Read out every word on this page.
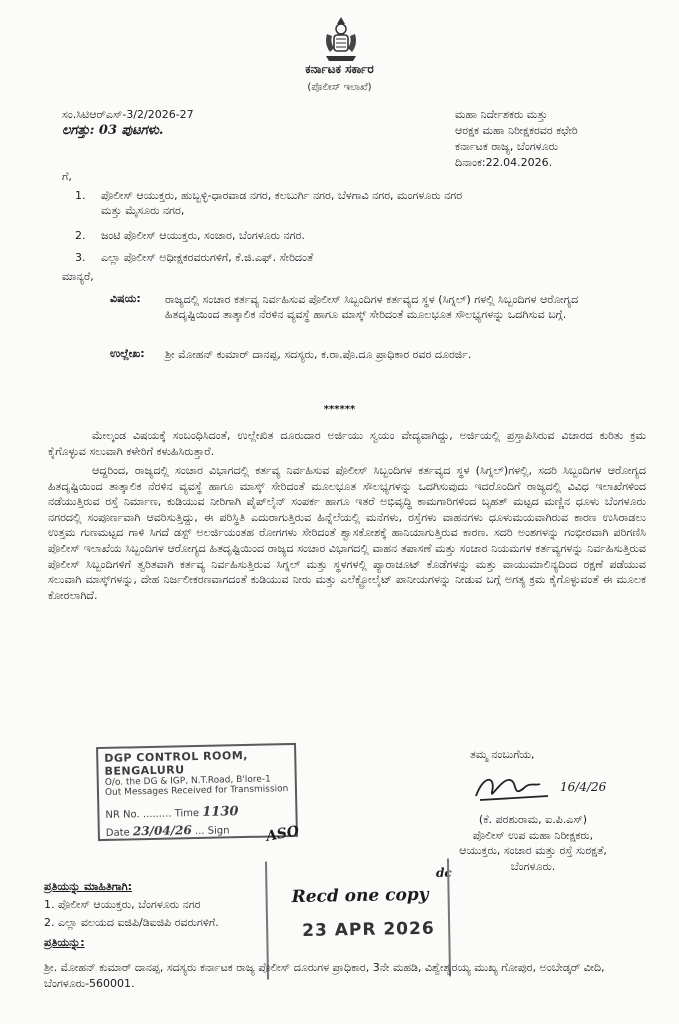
ಕರ್ನಾಟಕ ಸರ್ಕಾರ
(ಪೊಲೀಸ್ ಇಲಾಖೆ)
ಸಂ.ಸಿಟಿಆರ್‌ಎಸ್-3/2/2026-27
ಲಗತ್ತು: 03 ಪುಟಗಳು.
ಮಹಾ ನಿರ್ದೇಶಕರು ಮತ್ತು
ಆರಕ್ಷಕ ಮಹಾ ನಿರೀಕ್ಷಕರವರ ಕಛೇರಿ
ಕರ್ನಾಟಕ ರಾಜ್ಯ, ಬೆಂಗಳೂರು
ದಿನಾಂಕ:22.04.2026.
ಗೆ,
1. ಪೊಲೀಸ್ ಆಯುಕ್ತರು, ಹುಬ್ಬಳ್ಳಿ-ಧಾರವಾಡ ನಗರ, ಕಲಬುರ್ಗಿ ನಗರ, ಬೆಳಗಾವಿ ನಗರ, ಮಂಗಳೂರು ನಗರ
ಮತ್ತು ಮೈಸೂರು ನಗರ,
2. ಜಂಟಿ ಪೊಲೀಸ್ ಆಯುಕ್ತರು, ಸಂಚಾರ, ಬೆಂಗಳೂರು ನಗರ.
3. ಎಲ್ಲಾ ಪೊಲೀಸ್ ಅಧೀಕ್ಷಕರವರುಗಳಿಗೆ, ಕೆ.ಜಿ.ಎಫ್. ಸೇರಿದಂತೆ
ಮಾನ್ಯರೆ,
ವಿಷಯ:	ರಾಜ್ಯದಲ್ಲಿ ಸಂಚಾರ ಕರ್ತವ್ಯ ನಿರ್ವಹಿಸುವ ಪೊಲೀಸ್ ಸಿಬ್ಬಂದಿಗಳ ಕರ್ತವ್ಯದ ಸ್ಥಳ (ಸಿಗ್ನಲ್) ಗಳಲ್ಲಿ ಸಿಬ್ಬಂದಿಗಳ ಆರೋಗ್ಯದ ಹಿತದೃಷ್ಟಿಯಿಂದ ತಾತ್ಕಾಲಿಕ ನೆರಳಿನ ವ್ಯವಸ್ಥೆ ಹಾಗೂ ಮಾಸ್ಕ್ ಸೇರಿದಂತೆ ಮೂಲಭೂತ ಸೌಲಭ್ಯಗಳನ್ನು ಒದಗಿಸುವ ಬಗ್ಗೆ.
ಉಲ್ಲೇಖ:	ಶ್ರೀ ಮೋಹನ್ ಕುಮಾರ್ ದಾನಪ್ಪ, ಸದಸ್ಯರು, ಕ.ರಾ.ಪೊ.ದೂ ಪ್ರಾಧಿಕಾರ ರವರ ದೂರರ್ಜಿ.
******
ಮೇಲ್ಕಂಡ ವಿಷಯಕ್ಕೆ ಸಂಬಂಧಿಸಿದಂತೆ, ಉಲ್ಲೇಖಿತ ದೂರುದಾರ ಅರ್ಜಿಯು ಸ್ವಯಂ ವೇದ್ಯವಾಗಿದ್ದು, ಅರ್ಜಿಯಲ್ಲಿ ಪ್ರಸ್ತಾಪಿಸಿರುವ ವಿಚಾರದ ಕುರಿತು ಕ್ರಮ ಕೈಗೊಳ್ಳುವ ಸಲುವಾಗಿ ಕಳೇರಿಗೆ ಕಳುಹಿಸಿರುತ್ತಾರೆ.
ಆದ್ದರಿಂದ, ರಾಜ್ಯದಲ್ಲಿ ಸಂಚಾರ ವಿಭಾಗದಲ್ಲಿ ಕರ್ತವ್ಯ ನಿರ್ವಹಿಸುವ ಪೊಲೀಸ್ ಸಿಬ್ಬಂದಿಗಳ ಕರ್ತವ್ಯದ ಸ್ಥಳ (ಸಿಗ್ನಲ್)ಗಳಲ್ಲಿ, ಸದರಿ ಸಿಬ್ಬಂದಿಗಳ ಆರೋಗ್ಯದ ಹಿತದೃಷ್ಟಿಯಿಂದ ತಾತ್ಕಾಲಿಕ ನೆರಳಿನ ವ್ಯವಸ್ಥೆ ಹಾಗೂ ಮಾಸ್ಕ್ ಸೇರಿದಂತೆ ಮೂಲಭೂತ ಸೌಲಭ್ಯಗಳನ್ನು ಒದಗಿಸುವುದು ಇದರೊಂದಿಗೆ ರಾಜ್ಯದಲ್ಲಿ ವಿವಿಧ ಇಲಾಖೆಗಳಿಂದ ನಡೆಯುತ್ತಿರುವ ರಸ್ತೆ ನಿರ್ಮಾಣ, ಕುಡಿಯುವ ನೀರಿಗಾಗಿ ಪೈಪ್‌ಲೈನ್ ಸಂಪರ್ಕ ಹಾಗೂ ಇತರೆ ಅಭಿವೃದ್ಧಿ ಕಾಮಗಾರಿಗಳಿಂದ ಬೃಹತ್ ಮಟ್ಟದ ಮಣ್ಣಿನ ಧೂಳು ಬೆಂಗಳೂರು ನಗರದಲ್ಲಿ ಸಂಪೂರ್ಣವಾಗಿ ಆವರಿಸುತ್ತಿದ್ದು, ಈ ಪರಿಸ್ಥಿತಿ ಎದುರಾಗುತ್ತಿರುವ ಹಿನ್ನೆಲೆಯಲ್ಲಿ ಮನೆಗಳು, ರಸ್ತೆಗಳು ವಾಹನಗಳು ಧೂಳುಮಯವಾಗಿರುವ ಕಾರಣ ಉಸಿರಾಡಲು ಉತ್ತಮ ಗುಣಮಟ್ಟದ ಗಾಳಿ ಸಿಗದೆ ಡಸ್ಟ್ ಅಲರ್ಜಿಯಂತಹ ರೋಗಗಳು ಸೇರಿದಂತೆ ಶ್ವಾಸಕೋಶಕ್ಕೆ ಹಾನಿಯಾಗುತ್ತಿರುವ ಕಾರಣ. ಸದರಿ ಅಂಶಗಳನ್ನು ಗಂಭೀರವಾಗಿ ಪರಿಗಣಿಸಿ ಪೊಲೀಸ್ ಇಲಾಖೆಯ ಸಿಬ್ಬಂದಿಗಳ ಆರೋಗ್ಯದ ಹಿತದೃಷ್ಟಿಯಿಂದ ರಾಜ್ಯದ ಸಂಚಾರ ವಿಭಾಗದಲ್ಲಿ ವಾಹನ ತಪಾಸಣೆ ಮತ್ತು ಸಂಚಾರ ನಿಯಮಗಳ ಕರ್ತವ್ಯಗಳನ್ನು ನಿರ್ವಹಿಸುತ್ತಿರುವ ಪೊಲೀಸ್ ಸಿಬ್ಬಂದಿಗಳಿಗೆ ತ್ವರಿತವಾಗಿ ಕರ್ತವ್ಯ ನಿರ್ವಹಿಸುತ್ತಿರುವ ಸಿಗ್ನಲ್ ಮತ್ತು ಸ್ಥಳಗಳಲ್ಲಿ ಪ್ಯಾರಾಚೂಟ್ ಕೊಡೆಗಳನ್ನು ಮತ್ತು ವಾಯುಮಾಲಿನ್ಯದಿಂದ ರಕ್ಷಣೆ ಪಡೆಯುವ ಸಲುವಾಗಿ ಮಾಸ್ಕ್‌ಗಳನ್ನು, ದೇಹ ನಿರ್ಜಲೀಕರಣವಾಗದಂತೆ ಕುಡಿಯುವ ನೀರು ಮತ್ತು ಎಲೆಕ್ಟ್ರೋಲೈಟ್ ಪಾನೀಯಗಳನ್ನು ನೀಡುವ ಬಗ್ಗೆ ಅಗತ್ಯ ಕ್ರಮ ಕೈಗೊಳ್ಳುವಂತೆ ಈ ಮೂಲಕ ಕೋರಲಾಗಿದೆ.
ತಮ್ಮ ನಂಬುಗೆಯ,
16/4/26
(ಕೆ. ಪರಶುರಾಮ, ಐ.ಪಿ.ಎಸ್)
ಪೊಲೀಸ್ ಉಪ ಮಹಾ ನಿರೀಕ್ಷಕರು,
ಆಯುಕ್ತರು, ಸಂಚಾರ ಮತ್ತು ರಸ್ತೆ ಸುರಕ್ಷತೆ,
ಬೆಂಗಳೂರು.
DGP CONTROL ROOM, BENGALURU
O/o. the DG & IGP, N.T.Road, B'lore-1
Out Messages Received for Transmission
NR No. ......... Time 1130
Date 23/04/26 ... Sign	ASO
dc
Recd one copy
23 APR 2026
ಪ್ರತಿಯನ್ನು ಮಾಹಿತಿಗಾಗಿ:
1. ಪೊಲೀಸ್ ಆಯುಕ್ತರು, ಬೆಂಗಳೂರು ನಗರ
2. ಎಲ್ಲಾ ವಲಯದ ಐಜಿಪಿ/ಡಿಐಜಿಪಿ ರವರುಗಳಿಗೆ.
ಪ್ರತಿಯನ್ನು:
ಶ್ರೀ. ಮೋಹನ್ ಕುಮಾರ್ ದಾನಪ್ಪ, ಸದಸ್ಯರು ಕರ್ನಾಟಕ ರಾಜ್ಯ ಪೊಲೀಸ್ ದೂರುಗಳ ಪ್ರಾಧಿಕಾರ, 3ನೇ ಮಹಡಿ, ವಿಶ್ವೇಶ್ವರಯ್ಯ ಮುಖ್ಯ ಗೋಪುರ, ಅಂಬೇಡ್ಕರ್ ವೀದಿ, ಬೆಂಗಳೂರು-560001.
